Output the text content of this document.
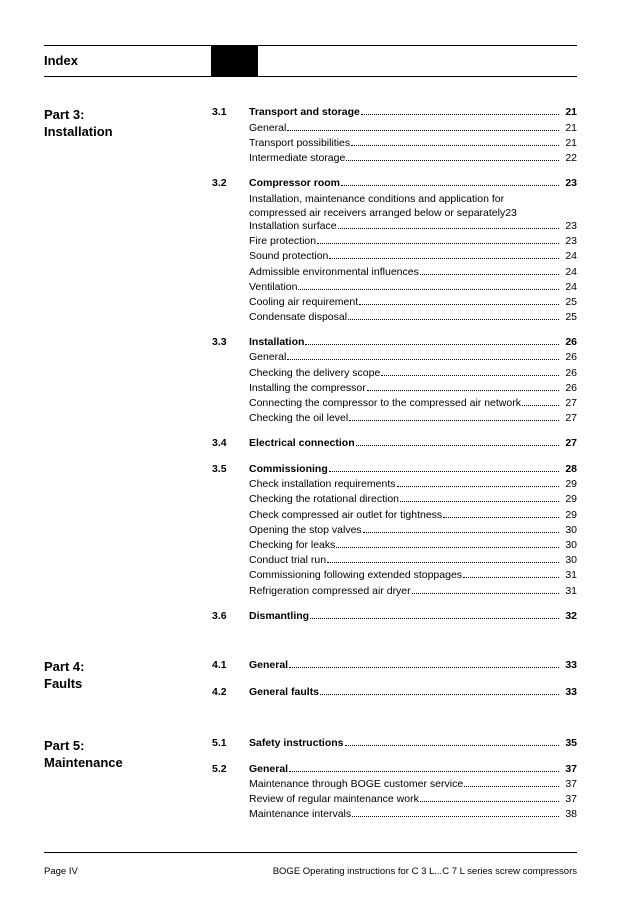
Index
Part 3:
Installation
Part 4:
Faults
Part 5:
Maintenance
3.1 Transport and storage	21
General	21
Transport possibilities	21
Intermediate storage	22
3.2 Compressor room	23
Installation, maintenance conditions and application for
compressed air receivers arranged below or separately 23
Installation surface	23
Fire protection	23
Sound protection	24
Admissible environmental influences	24
Ventilation	24
Cooling air requirement	25
Condensate disposal	25
3.3 Installation	26
General	26
Checking the delivery scope	26
Installing the compressor	26
Connecting the compressor to the compressed air network	27
Checking the oil level	27
3.4 Electrical connection	27
3.5 Commissioning	28
Check installation requirements	29
Checking the rotational direction	29
Check compressed air outlet for tightness	29
Opening the stop valves	30
Checking for leaks	30
Conduct trial run	30
Commissioning following extended stoppages	31
Refrigeration compressed air dryer	31
3.6 Dismantling	32
4.1 General	33
4.2 General faults	33
5.1 Safety instructions	35
5.2 General	37
Maintenance through BOGE customer service	37
Review of regular maintenance work	37
Maintenance intervals	38
Page IV	BOGE Operating instructions for C 3 L...C 7 L series screw compressors
